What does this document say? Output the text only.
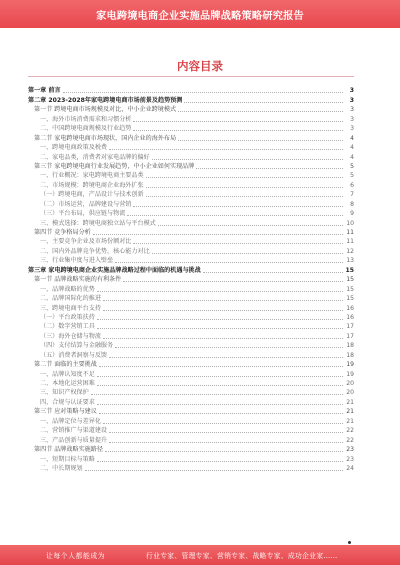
家电跨境电商企业实施品牌战略策略研究报告
内容目录
第一章 前言	3
第二章 2023-2028年家电跨境电商市场前景及趋势预测	3
第一节 跨境电商市场规模及对比，中小企业跨境模式	3
一、海外市场消费需求和习惯分析	3
二、中国跨境电商规模及行业趋势	3
第二节 家电跨境电商市场现状，国内企业的海外布局	4
一、跨境电商政策及税费	4
二、家电品类，消费者对家电品牌的偏好	4
第三节 家电跨境电商行业发展趋势，中小企业如何实现品牌	5
一、行业概况：家电跨境电商主要品类	5
二、市场规模：跨境电商企业海外扩张	6
（一）跨境电商，产品设计与技术创新	7
（二）市场运营，品牌建设与营销	8
（三）平台布局，供应链与物流	9
三、模式选择：跨境电商独立站与平台模式	10
第四节 竞争格局分析	11
一、主要竞争企业及市场份额对比	11
二、国内外品牌竞争优势，核心能力对比	12
三、行业集中度与进入壁垒	13
第三章 家电跨境电商企业实施品牌战略过程中面临的机遇与挑战	15
第一节 品牌战略实施的有利条件	15
一、品牌战略的优势	15
二、品牌国际化的推进	15
三、跨境电商平台支持	16
（一）平台政策扶持	16
（二）数字营销工具	17
（三）海外仓储与物流	17
（四）支付结算与金融服务	18
（五）消费者洞察与反馈	18
第二节 面临的主要挑战	19
一、品牌认知度不足	19
二、本地化运营困难	20
三、知识产权保护	20
四、合规与认证要求	21
第三节 应对策略与建议	21
一、品牌定位与差异化	21
二、营销推广与渠道建设	22
三、产品创新与质量提升	22
第四节 品牌战略实施路径	23
一、短期目标与策略	23
二、中长期规划	24
让每个人都能成为	行业专家、管理专家、营销专家、战略专家、成功企业家……
